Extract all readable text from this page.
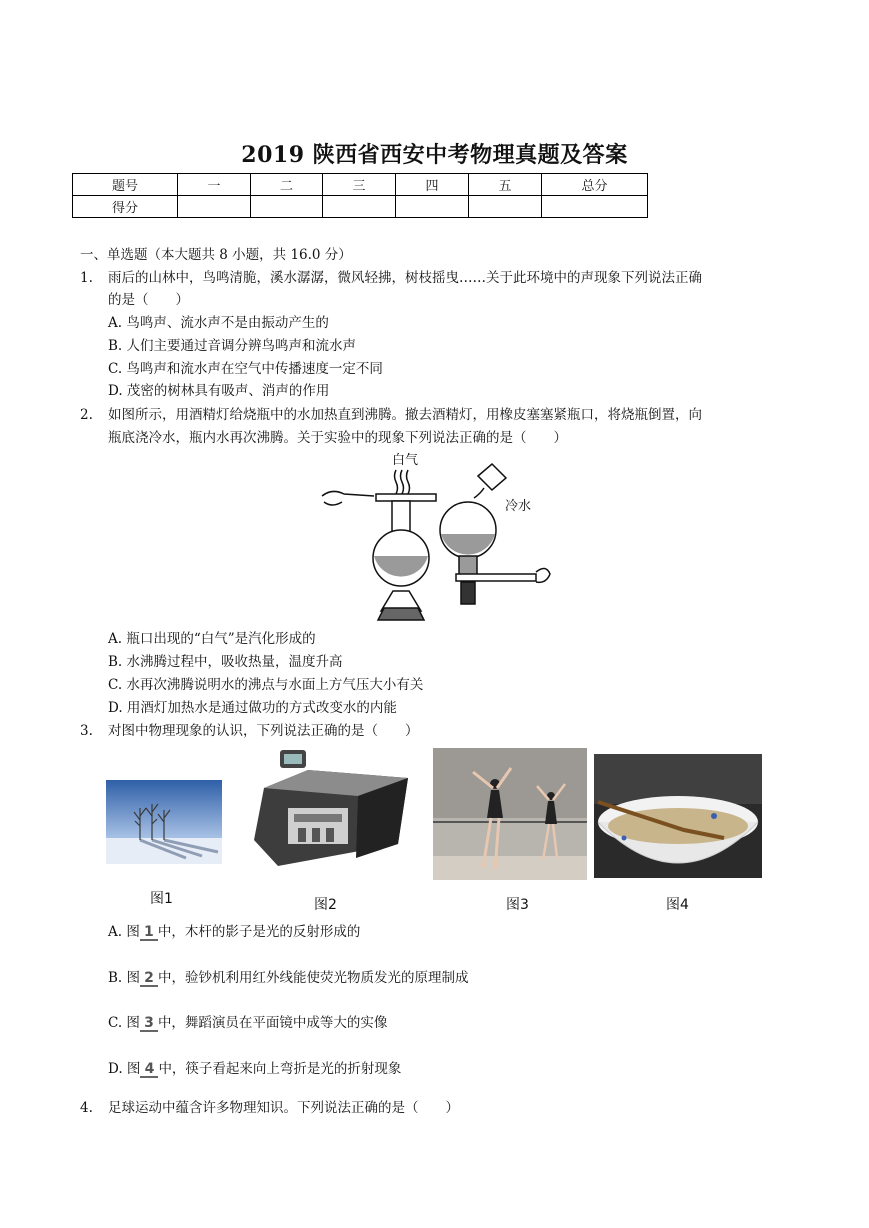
2019 陕西省西安中考物理真题及答案
题号	一	二	三	四	五	总分
得分						
一、单选题（本大题共 8 小题，共 16.0 分）
1. 雨后的山林中，鸟鸣清脆，溪水潺潺，微风轻拂，树枝摇曳……关于此环境中的声现象下列说法正确
的是（　　）
A. 鸟鸣声、流水声不是由振动产生的
B. 人们主要通过音调分辨鸟鸣声和流水声
C. 鸟鸣声和流水声在空气中传播速度一定不同
D. 茂密的树林具有吸声、消声的作用
2. 如图所示，用酒精灯给烧瓶中的水加热直到沸腾。撤去酒精灯，用橡皮塞塞紧瓶口，将烧瓶倒置，向
瓶底浇冷水，瓶内水再次沸腾。关于实验中的现象下列说法正确的是（　　）
白气
冷水
A. 瓶口出现的“白气”是汽化形成的
B. 水沸腾过程中，吸收热量，温度升高
C. 水再次沸腾说明水的沸点与水面上方气压大小有关
D. 用酒灯加热水是通过做功的方式改变水的内能
3. 对图中物理现象的认识，下列说法正确的是（　　）
图1	图2	图3	图4
A. 图 1 中，木杆的影子是光的反射形成的
B. 图 2 中，验钞机利用红外线能使荧光物质发光的原理制成
C. 图 3 中，舞蹈演员在平面镜中成等大的实像
D. 图 4 中，筷子看起来向上弯折是光的折射现象
4. 足球运动中蕴含许多物理知识。下列说法正确的是（　　）
